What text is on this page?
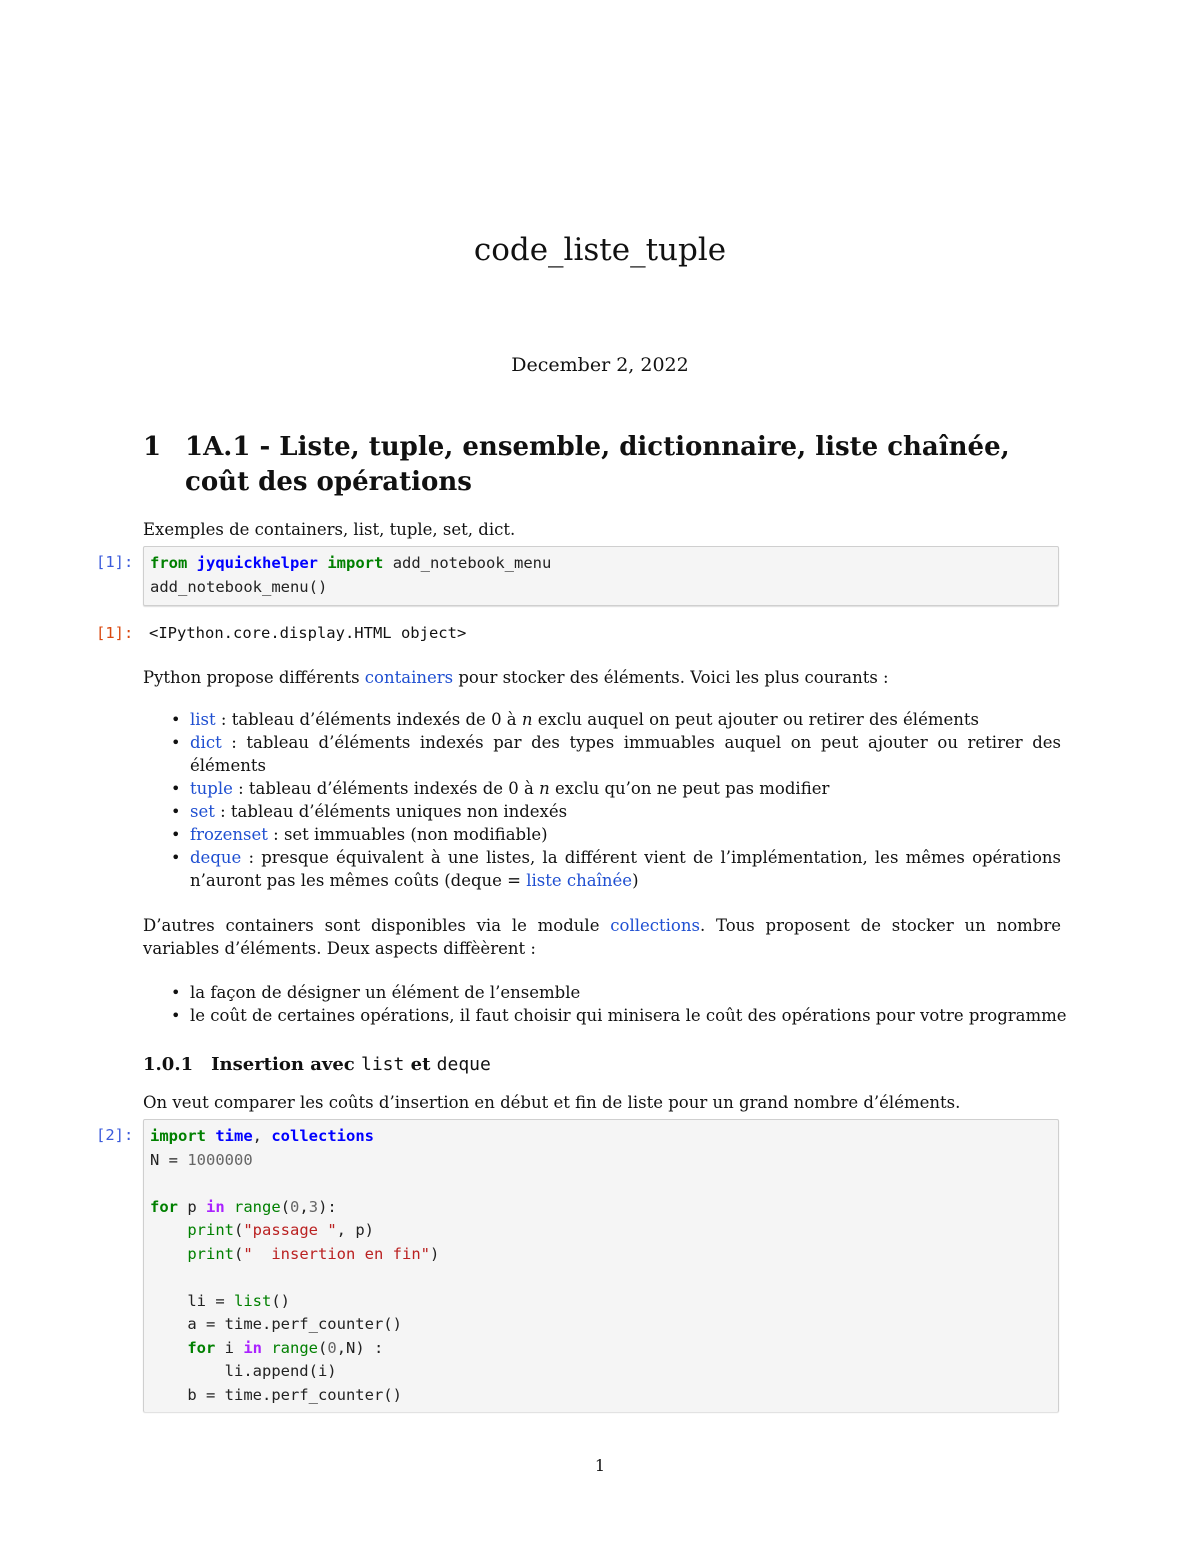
code_liste_tuple
December 2, 2022
1 1A.1 - Liste, tuple, ensemble, dictionnaire, liste chaînée, coût des opérations
Exemples de containers, list, tuple, set, dict.
[1]:	from jyquickhelper import add_notebook_menu
add_notebook_menu()
[1]: <IPython.core.display.HTML object>
Python propose différents containers pour stocker des éléments. Voici les plus courants :
• list : tableau d’éléments indexés de 0 à n exclu auquel on peut ajouter ou retirer des éléments
• dict : tableau d’éléments indexés par des types immuables auquel on peut ajouter ou retirer des éléments
• tuple : tableau d’éléments indexés de 0 à n exclu qu’on ne peut pas modifier
• set : tableau d’éléments uniques non indexés
• frozenset : set immuables (non modifiable)
• deque : presque équivalent à une listes, la différent vient de l’implémentation, les mêmes opérations n’auront pas les mêmes coûts (deque = liste chaînée)
D’autres containers sont disponibles via le module collections. Tous proposent de stocker un nombre variables d’éléments. Deux aspects diffèèrent :
• la façon de désigner un élément de l’ensemble
• le coût de certaines opérations, il faut choisir qui minisera le coût des opérations pour votre programme
1.0.1 Insertion avec list et deque
On veut comparer les coûts d’insertion en début et fin de liste pour un grand nombre d’éléments.
[2]:	import time, collections
N = 1000000

for p in range(0,3):
print("passage ", p)
print("  insertion en fin")

li = list()
a = time.perf_counter()
for i in range(0,N) :
li.append(i)
b = time.perf_counter()
1
